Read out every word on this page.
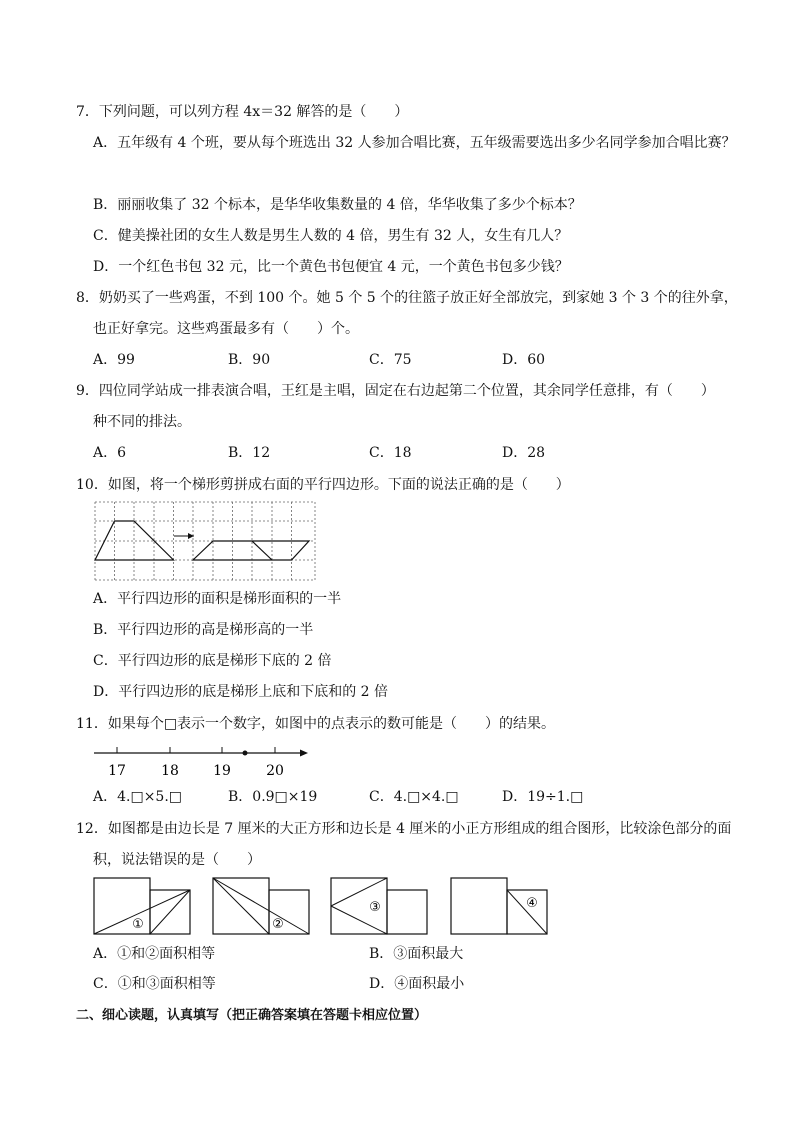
7．下列问题，可以列方程 4x＝32 解答的是（　　）
A．五年级有 4 个班，要从每个班选出 32 人参加合唱比赛，五年级需要选出多少名同学参加合唱比赛？
B．丽丽收集了 32 个标本，是华华收集数量的 4 倍，华华收集了多少个标本？
C．健美操社团的女生人数是男生人数的 4 倍，男生有 32 人，女生有几人？
D．一个红色书包 32 元，比一个黄色书包便宜 4 元，一个黄色书包多少钱？
8．奶奶买了一些鸡蛋，不到 100 个。她 5 个 5 个的往篮子放正好全部放完，到家她 3 个 3 个的往外拿，
也正好拿完。这些鸡蛋最多有（　　）个。
A．99	B．90	C．75	D．60
9．四位同学站成一排表演合唱，王红是主唱，固定在右边起第二个位置，其余同学任意排，有（　　）
种不同的排法。
A．6	B．12	C．18	D．28
10．如图，将一个梯形剪拼成右面的平行四边形。下面的说法正确的是（　　）
A．平行四边形的面积是梯形面积的一半
B．平行四边形的高是梯形高的一半
C．平行四边形的底是梯形下底的 2 倍
D．平行四边形的底是梯形上底和下底和的 2 倍
11．如果每个□表示一个数字，如图中的点表示的数可能是（　　）的结果。
17	18 19	20
A．4.□×5.□	B．0.9□×19	C．4.□×4.□	D．19÷1.□
12．如图都是由边长是 7 厘米的大正方形和边长是 4 厘米的小正方形组成的组合图形，比较涂色部分的面
积，说法错误的是（　　）
①	②
③	④
A．①和②面积相等	B．③面积最大
C．①和③面积相等	D．④面积最小
二、细心读题，认真填写（把正确答案填在答题卡相应位置）
